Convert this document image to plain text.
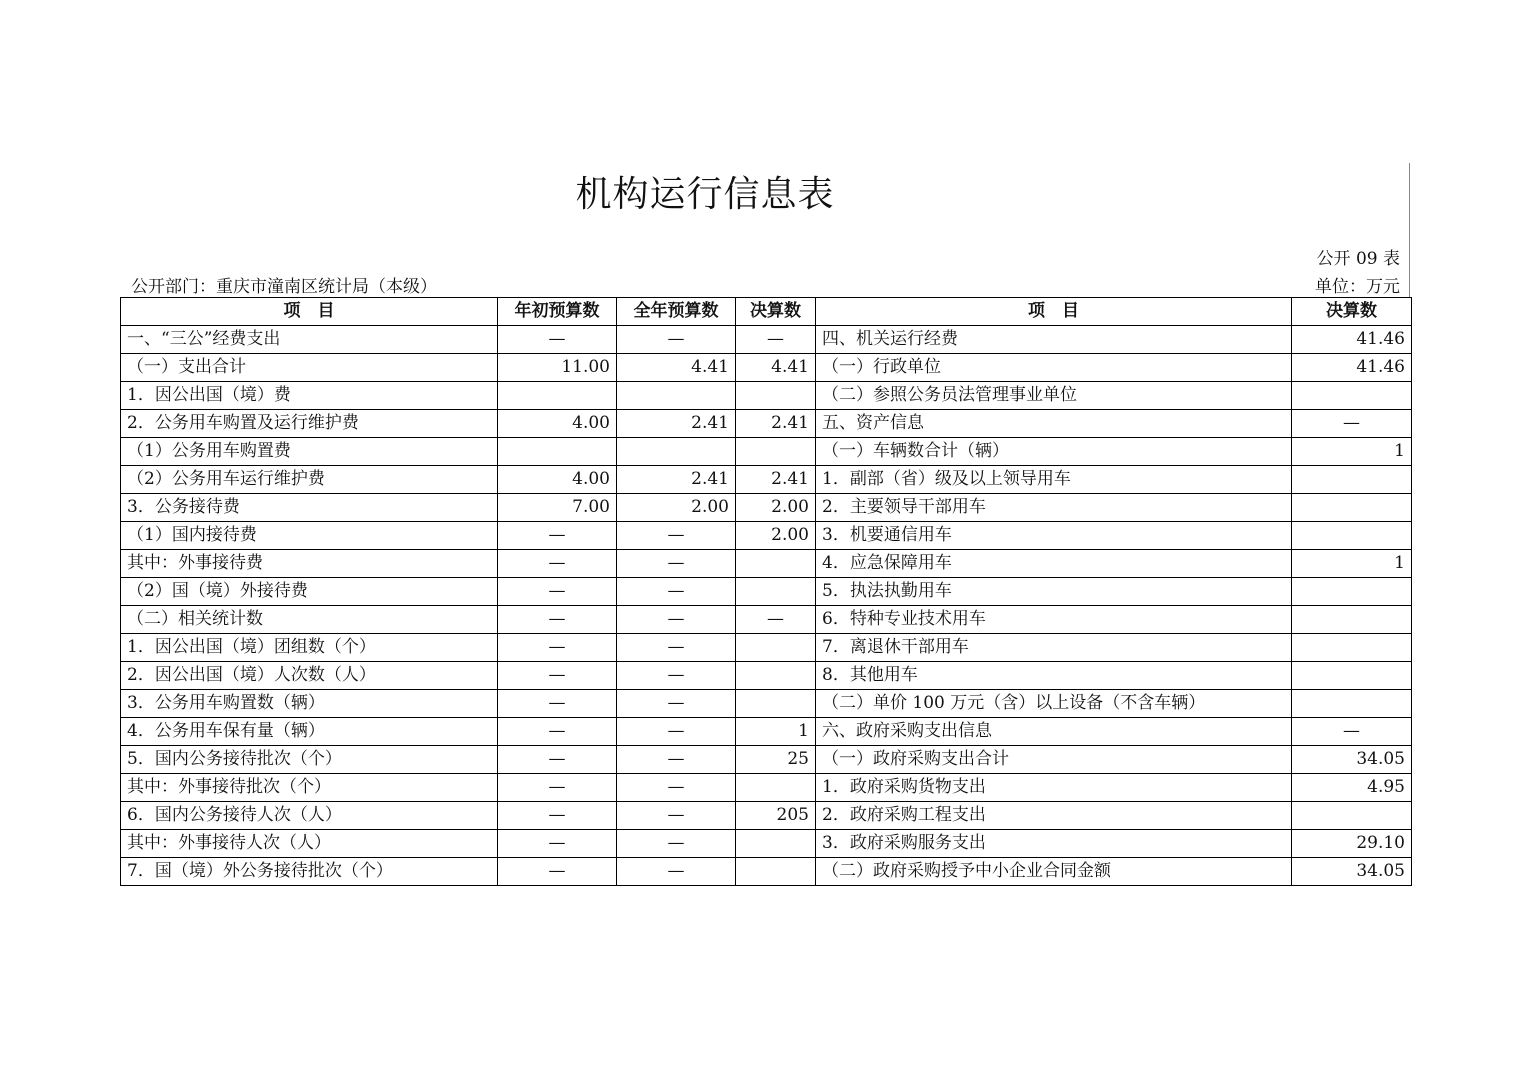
机构运行信息表
公开 09 表
公开部门：重庆市潼南区统计局（本级）	单位：万元
项　目	年初预算数	全年预算数	决算数	项　目	决算数
一、“三公”经费支出	—	—	—	四、机关运行经费	41.46
（一）支出合计	11.00	4.41	4.41	（一）行政单位	41.46
1．因公出国（境）费				（二）参照公务员法管理事业单位	
2．公务用车购置及运行维护费	4.00	2.41	2.41	五、资产信息	—
（1）公务用车购置费				（一）车辆数合计（辆）	1
（2）公务用车运行维护费	4.00	2.41	2.41	1．副部（省）级及以上领导用车	
3．公务接待费	7.00	2.00	2.00	2．主要领导干部用车	
（1）国内接待费	—	—	2.00	3．机要通信用车	
其中：外事接待费	—	—		4．应急保障用车	1
（2）国（境）外接待费	—	—		5．执法执勤用车	
（二）相关统计数	—	—	—	6．特种专业技术用车	
1．因公出国（境）团组数（个）	—	—		7．离退休干部用车	
2．因公出国（境）人次数（人）	—	—		8．其他用车	
3．公务用车购置数（辆）	—	—		（二）单价 100 万元（含）以上设备（不含车辆）	
4．公务用车保有量（辆）	—	—	1	六、政府采购支出信息	—
5．国内公务接待批次（个）	—	—	25	（一）政府采购支出合计	34.05
其中：外事接待批次（个）	—	—		1．政府采购货物支出	4.95
6．国内公务接待人次（人）	—	—	205	2．政府采购工程支出	
其中：外事接待人次（人）	—	—		3．政府采购服务支出	29.10
7．国（境）外公务接待批次（个）	—	—		（二）政府采购授予中小企业合同金额	34.05
